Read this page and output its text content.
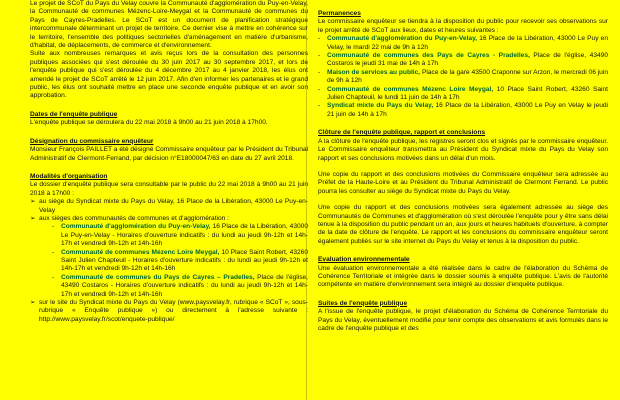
Le projet de SCoT du Pays du Velay couvre la Communauté d'agglomération du Puy-en-Velay, la Communauté de communes Mézenc-Loire-Meygal et la Communauté de communes du Pays de Cayres-Pradelles. Le SCoT est un document de planification stratégique intercommunale déterminant un projet de territoire. Ce dernier vise à mettre en cohérence sur le territoire, l'ensemble des politiques sectorielles d'aménagement en matière d'urbanisme, d'habitat, de déplacements, de commerce et d'environnement.

Suite aux nombreuses remarques et avis reçus lors de la consultation des personnes publiques associées qui s'est déroulée du 30 juin 2017 au 30 septembre 2017, et lors de l'enquête publique qui s'est déroulée du 4 décembre 2017 au 4 janvier 2018, les élus ont amendé le projet de SCoT arrêté le 12 juin 2017. Afin d'en informer les partenaires et le grand public, les élus ont souhaité mettre en place une seconde enquête publique et en avoir son approbation.

Dates de l'enquête publique

L'enquête publique se déroulera du 22 mai 2018 à 9h00 au 21 juin 2018 à 17h00.

Désignation du commissaire enquêteur

Monsieur François PAILLET a été désigné Commissaire enquêteur par le Président du Tribunal Administratif de Clermont-Ferrand, par décision n°E18000047/63 en date du 27 avril 2018.

Modalités d'organisation

Le dossier d'enquête publique sera consultable par le public du 22 mai 2018 à 9h00 au 21 juin 2018 à 17h00 :

➢ au siège du Syndicat mixte du Pays du Velay, 16 Place de la Libération, 43000 Le Puy-en-Velay
➢ aux sièges des communautés de communes et d'agglomération :
-	Communauté d'agglomération du Puy-en-Velay, 16 Place de la Libération, 43000 Le Puy-en-Velay - Horaires d'ouverture indicatifs : du lundi au jeudi 9h-12h et 14h-17h et vendredi 9h-12h et 14h-16h
-	Communauté de communes Mézenc Loire Meygal, 10 Place Saint Robert, 43260 Saint Julien Chapteuil - Horaires d'ouverture indicatifs : du lundi au jeudi 9h-12h et 14h-17h et vendredi 9h-12h et 14h-16h
-	Communauté de communes du Pays de Cayres – Pradelles, Place de l'église, 43490 Costaros - Horaires d'ouverture indicatifs : du lundi au jeudi 9h-12h et 14h-17h et vendredi 9h-12h et 14h-16h
➢ sur le site du Syndicat mixte du Pays du Velay (www.paysvelay.fr, rubrique « SCoT », sous-rubrique « Enquête publique ») ou directement à l'adresse suivante : http://www.paysvelay.fr/scot/enquete-publique/
Permanences

Le commissaire enquêteur se tiendra à la disposition du public pour recevoir ses observations sur le projet arrêté de SCoT aux lieux, dates et heures suivantes :

-	Communauté d'agglomération du Puy-en-Velay, 16 Place de la Libération, 43000 Le Puy en Velay, le mardi 22 mai de 9h à 12h
-	Communauté de communes des Pays de Cayres - Pradelles, Place de l'église, 43490 Costaros le jeudi 31 mai de 14h à 17h
-	Maison de services au public, Place de la gare 43500 Craponne sur Arzon, le mercredi 06 juin de 9h à 12h
-	Communauté de communes Mézenc Loire Meygal, 10 Place Saint Robert, 43260 Saint Julien Chapteuil, le lundi 11 juin de 14h à 17h
-	Syndicat mixte du Pays du Velay, 16 Place de la Libération, 43000 Le Puy en Velay le jeudi 21 juin de 14h à 17h
Clôture de l'enquête publique, rapport et conclusions

A la clôture de l'enquête publique, les registres seront clos et signés par le commissaire enquêteur. Le Commissaire enquêteur transmettra au Président du Syndicat mixte du Pays du Velay son rapport et ses conclusions motivées dans un délai d'un mois.

Une copie du rapport et des conclusions motivées du Commissaire enquêteur sera adressée au Préfet de la Haute-Loire et au Président du Tribunal Administratif de Clermont Ferrand. Le public pourra les consulter au siège du Syndicat mixte du Pays du Velay.

Une copie du rapport et des conclusions motivées sera également adressée au siège des Communautés de Communes et d'agglomération où s'est déroulée l'enquête pour y être sans délai tenue à la disposition du public pendant un an, aux jours et heures habituels d'ouverture, à compter de la date de clôture de l'enquête. Le rapport et les conclusions du commissaire enquêteur seront également publiés sur le site internet du Pays du Velay et tenus à la disposition du public.

Evaluation environnementale

Une évaluation environnementale a été réalisée dans le cadre de l'élaboration du Schéma de Cohérence Territoriale et intégrée dans le dossier soumis à enquête publique. L'avis de l'autorité compétente en matière d'environnement sera intégré au dossier d'enquête publique.

Suites de l'enquête publique

A l'issue de l'enquête publique, le projet d'élaboration du Schéma de Cohérence Territoriale du Pays du Velay, éventuellement modifié pour tenir compte des observations et avis formulés dans le cadre de l'enquête publique et des
